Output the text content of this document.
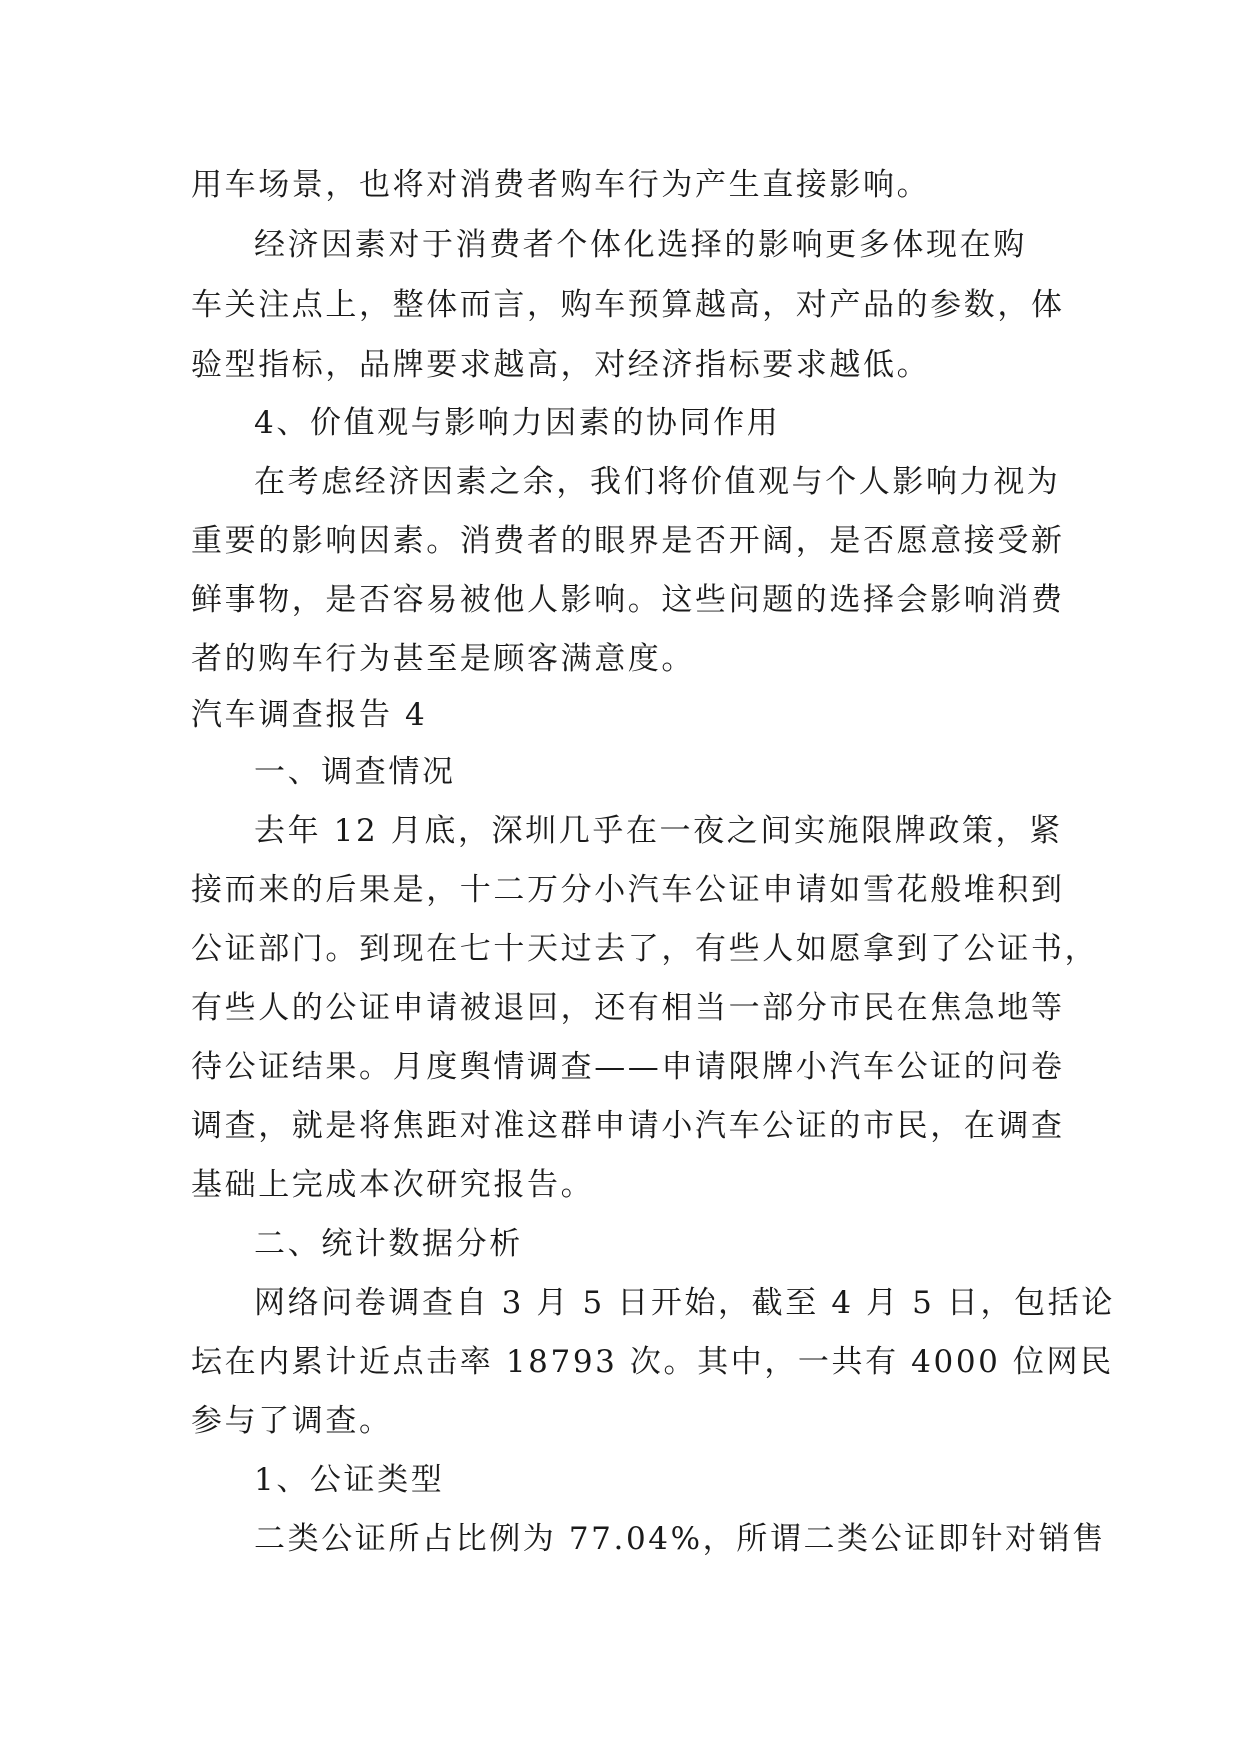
用车场景，也将对消费者购车行为产生直接影响。
经济因素对于消费者个体化选择的影响更多体现在购
车关注点上，整体而言，购车预算越高，对产品的参数，体
验型指标，品牌要求越高，对经济指标要求越低。
4、价值观与影响力因素的协同作用
在考虑经济因素之余，我们将价值观与个人影响力视为
重要的影响因素。消费者的眼界是否开阔，是否愿意接受新
鲜事物，是否容易被他人影响。这些问题的选择会影响消费
者的购车行为甚至是顾客满意度。
汽车调查报告 4
一、调查情况
去年 12 月底，深圳几乎在一夜之间实施限牌政策，紧
接而来的后果是，十二万分小汽车公证申请如雪花般堆积到
公证部门。到现在七十天过去了，有些人如愿拿到了公证书，
有些人的公证申请被退回，还有相当一部分市民在焦急地等
待公证结果。月度舆情调查——申请限牌小汽车公证的问卷
调查，就是将焦距对准这群申请小汽车公证的市民，在调查
基础上完成本次研究报告。
二、统计数据分析
网络问卷调查自 3 月 5 日开始，截至 4 月 5 日，包括论
坛在内累计近点击率 18793 次。其中，一共有 4000 位网民
参与了调查。
1、公证类型
二类公证所占比例为 77.04%，所谓二类公证即针对销售
